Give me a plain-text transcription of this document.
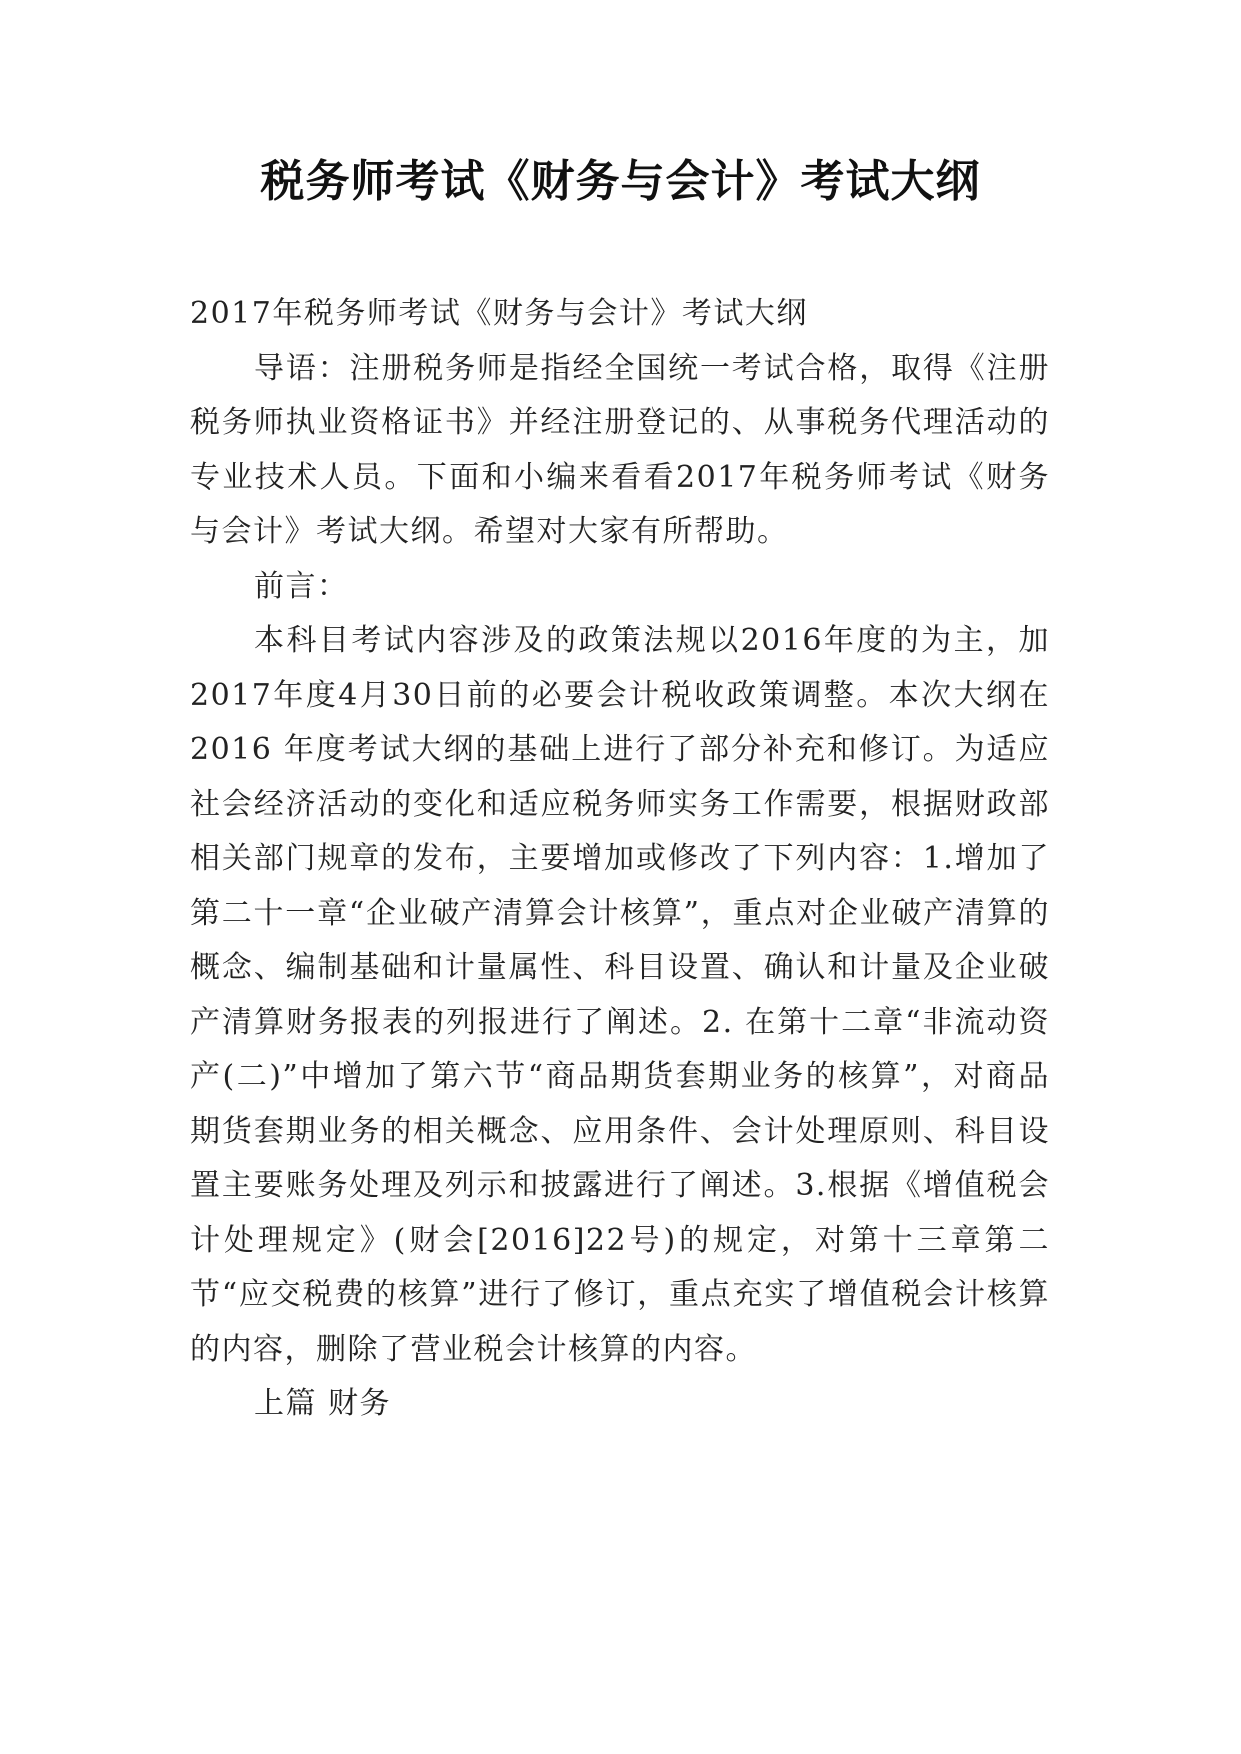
税务师考试《财务与会计》考试大纲

2017年税务师考试《财务与会计》考试大纲

导语：注册税务师是指经全国统一考试合格，取得《注册税务师执业资格证书》并经注册登记的、从事税务代理活动的专业技术人员。下面和小编来看看2017年税务师考试《财务与会计》考试大纲。希望对大家有所帮助。

前言：

本科目考试内容涉及的政策法规以2016年度的为主，加2017年度4月30日前的必要会计税收政策调整。本次大纲在2016 年度考试大纲的基础上进行了部分补充和修订。为适应社会经济活动的变化和适应税务师实务工作需要，根据财政部相关部门规章的发布，主要增加或修改了下列内容：1.增加了第二十一章“企业破产清算会计核算”，重点对企业破产清算的概念、编制基础和计量属性、科目设置、确认和计量及企业破产清算财务报表的列报进行了阐述。2. 在第十二章“非流动资产(二)”中增加了第六节“商品期货套期业务的核算”，对商品期货套期业务的相关概念、应用条件、会计处理原则、科目设置主要账务处理及列示和披露进行了阐述。3.根据《增值税会计处理规定》(财会[2016]22号)的规定，对第十三章第二节“应交税费的核算”进行了修订，重点充实了增值税会计核算的内容，删除了营业税会计核算的内容。

上篇 财务
